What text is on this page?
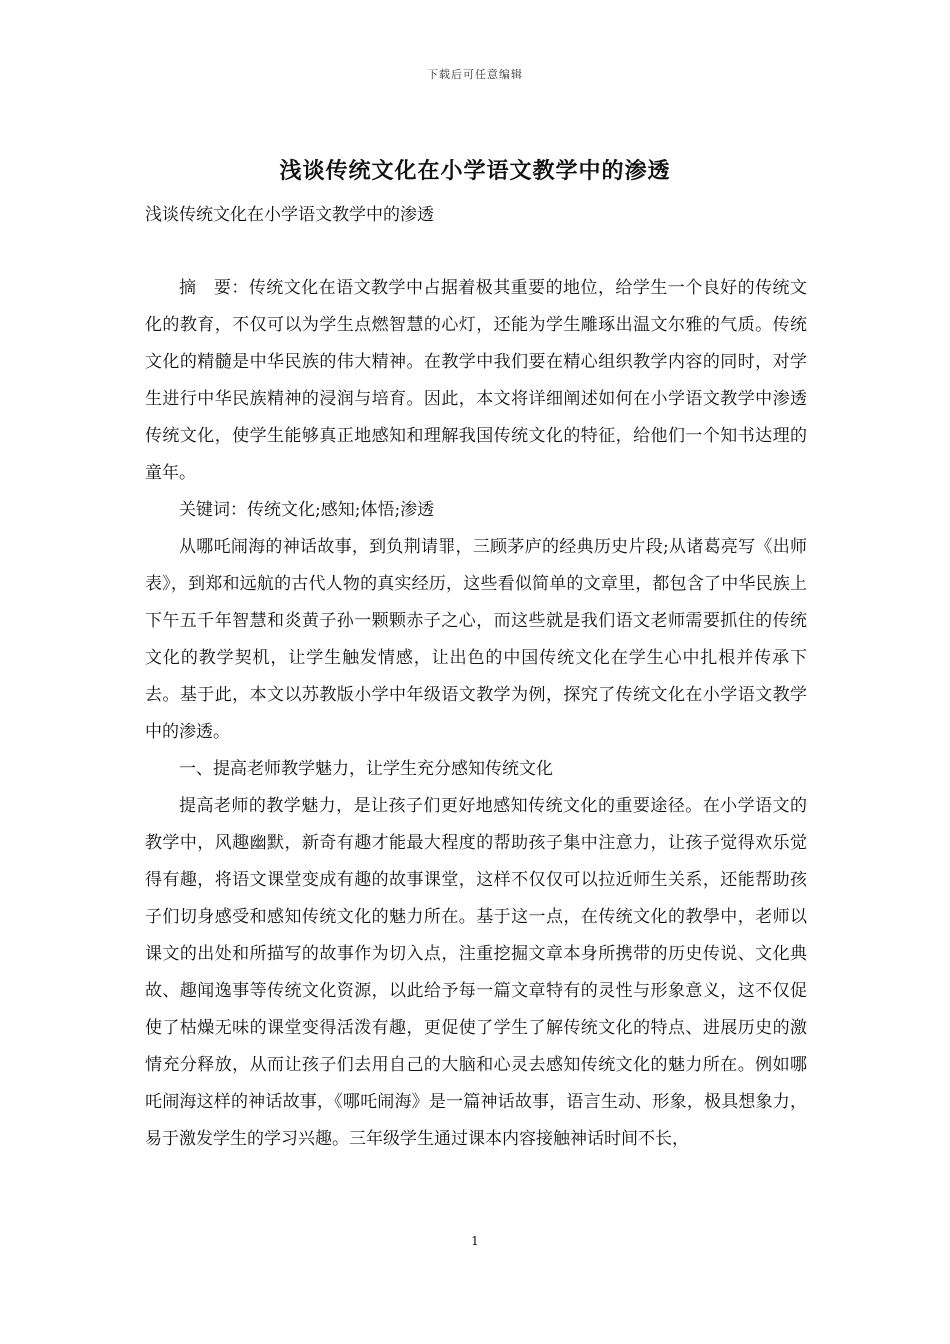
下载后可任意编辑
浅谈传统文化在小学语文教学中的渗透

浅谈传统文化在小学语文教学中的渗透

摘　要：传统文化在语文教学中占据着极其重要的地位，给学生一个良好的传统文化的教育，不仅可以为学生点燃智慧的心灯，还能为学生雕琢出温文尔雅的气质。传统文化的精髓是中华民族的伟大精神。在教学中我们要在精心组织教学内容的同时，对学生进行中华民族精神的浸润与培育。因此，本文将详细阐述如何在小学语文教学中渗透传统文化，使学生能够真正地感知和理解我国传统文化的特征，给他们一个知书达理的童年。

关键词：传统文化;感知;体悟;渗透

从哪吒闹海的神话故事，到负荆请罪，三顾茅庐的经典历史片段;从诸葛亮写《出师表》，到郑和远航的古代人物的真实经历，这些看似简单的文章里，都包含了中华民族上下午五千年智慧和炎黄子孙一颗颗赤子之心，而这些就是我们语文老师需要抓住的传统文化的教学契机，让学生触发情感，让出色的中国传统文化在学生心中扎根并传承下去。基于此，本文以苏教版小学中年级语文教学为例，探究了传统文化在小学语文教学中的渗透。

一、提高老师教学魅力，让学生充分感知传统文化

提高老师的教学魅力，是让孩子们更好地感知传统文化的重要途径。在小学语文的教学中，风趣幽默，新奇有趣才能最大程度的帮助孩子集中注意力，让孩子觉得欢乐觉得有趣，将语文课堂变成有趣的故事课堂，这样不仅仅可以拉近师生关系，还能帮助孩子们切身感受和感知传统文化的魅力所在。基于这一点，在传统文化的教學中，老师以课文的出处和所描写的故事作为切入点，注重挖掘文章本身所携带的历史传说、文化典故、趣闻逸事等传统文化资源，以此给予每一篇文章特有的灵性与形象意义，这不仅促使了枯燥无味的课堂变得活泼有趣，更促使了学生了解传统文化的特点、进展历史的激情充分释放，从而让孩子们去用自己的大脑和心灵去感知传统文化的魅力所在。例如哪吒闹海这样的神话故事，《哪吒闹海》是一篇神话故事，语言生动、形象，极具想象力，易于激发学生的学习兴趣。三年级学生通过课本内容接触神话时间不长，

1
